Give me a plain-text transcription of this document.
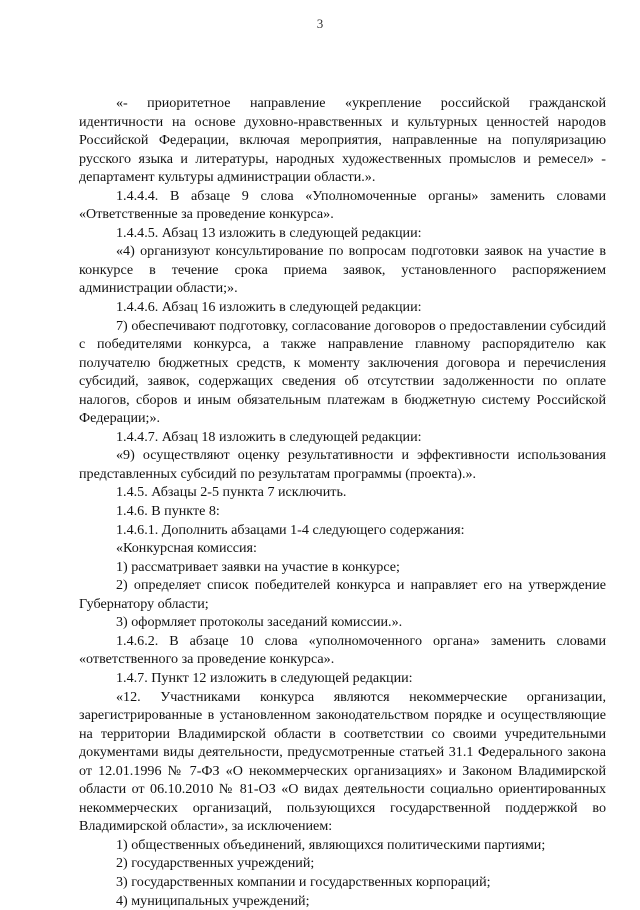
3

«- приоритетное направление «укрепление российской гражданской идентичности на основе духовно-нравственных и культурных ценностей народов Российской Федерации, включая мероприятия, направленные на популяризацию русского языка и литературы, народных художественных промыслов и ремесел» - департамент культуры администрации области.».

1.4.4.4. В абзаце 9 слова «Уполномоченные органы» заменить словами «Ответственные за проведение конкурса».

1.4.4.5. Абзац 13 изложить в следующей редакции:

«4) организуют консультирование по вопросам подготовки заявок на участие в конкурсе в течение срока приема заявок, установленного распоряжением администрации области;».

1.4.4.6. Абзац 16 изложить в следующей редакции:

7) обеспечивают подготовку, согласование договоров о предоставлении субсидий с победителями конкурса, а также направление главному распорядителю как получателю бюджетных средств, к моменту заключения договора и перечисления субсидий, заявок, содержащих сведения об отсутствии задолженности по оплате налогов, сборов и иным обязательным платежам в бюджетную систему Российской Федерации;».

1.4.4.7. Абзац 18 изложить в следующей редакции:

«9) осуществляют оценку результативности и эффективности использования представленных субсидий по результатам программы (проекта).».

1.4.5. Абзацы 2-5 пункта 7 исключить.

1.4.6. В пункте 8:

1.4.6.1. Дополнить абзацами 1-4 следующего содержания:

«Конкурсная комиссия:

1) рассматривает заявки на участие в конкурсе;

2) определяет список победителей конкурса и направляет его на утверждение Губернатору области;

3) оформляет протоколы заседаний комиссии.».

1.4.6.2. В абзаце 10 слова «уполномоченного органа» заменить словами «ответственного за проведение конкурса».

1.4.7. Пункт 12 изложить в следующей редакции:

«12. Участниками конкурса являются некоммерческие организации, зарегистрированные в установленном законодательством порядке и осуществляющие на территории Владимирской области в соответствии со своими учредительными документами виды деятельности, предусмотренные статьей 31.1 Федерального закона от 12.01.1996 № 7-ФЗ «О некоммерческих организациях» и Законом Владимирской области от 06.10.2010 № 81-ОЗ «О видах деятельности социально ориентированных некоммерческих организаций, пользующихся государственной поддержкой во Владимирской области», за исключением:

1) общественных объединений, являющихся политическими партиями;

2) государственных учреждений;

3) государственных компании и государственных корпораций;

4) муниципальных учреждений;
